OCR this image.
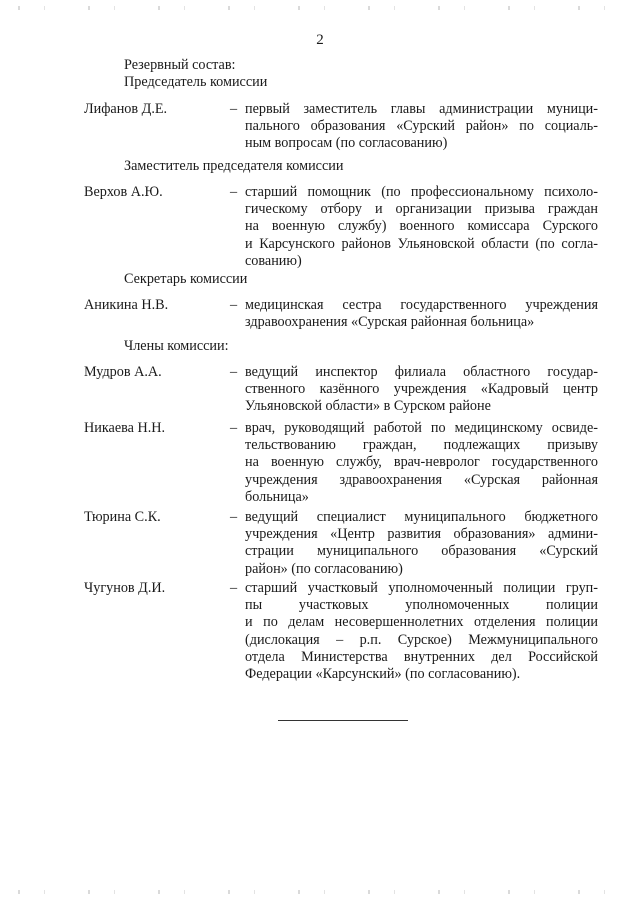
2
Резервный состав:
Председатель комиссии
Лифанов Д.Е.	– первый заместитель главы администрации муници-
пального образования «Сурский район» по социаль-
ным вопросам (по согласованию)
Заместитель председателя комиссии
Верхов А.Ю.	– старший помощник (по профессиональному психоло-
гическому отбору и организации призыва граждан
на военную службу) военного комиссара Сурского
и Карсунского районов Ульяновской области (по согла-
сованию)
Секретарь комиссии
Аникина Н.В.	– медицинская сестра государственного учреждения
здравоохранения «Сурская районная больница»
Члены комиссии:
Мудров А.А.	– ведущий инспектор филиала областного государ-
ственного казённого учреждения «Кадровый центр
Ульяновской области» в Сурском районе
Никаева Н.Н.	– врач, руководящий работой по медицинскому освиде-
тельствованию граждан, подлежащих призыву
на военную службу, врач-невролог государственного
учреждения здравоохранения «Сурская районная
больница»
Тюрина С.К.	– ведущий специалист муниципального бюджетного
учреждения «Центр развития образования» админи-
страции муниципального образования «Сурский
район» (по согласованию)
Чугунов Д.И.	– старший участковый уполномоченный полиции груп-
пы участковых уполномоченных полиции
и по делам несовершеннолетних отделения полиции
(дислокация – р.п. Сурское) Межмуниципального
отдела Министерства внутренних дел Российской
Федерации «Карсунский» (по согласованию).
